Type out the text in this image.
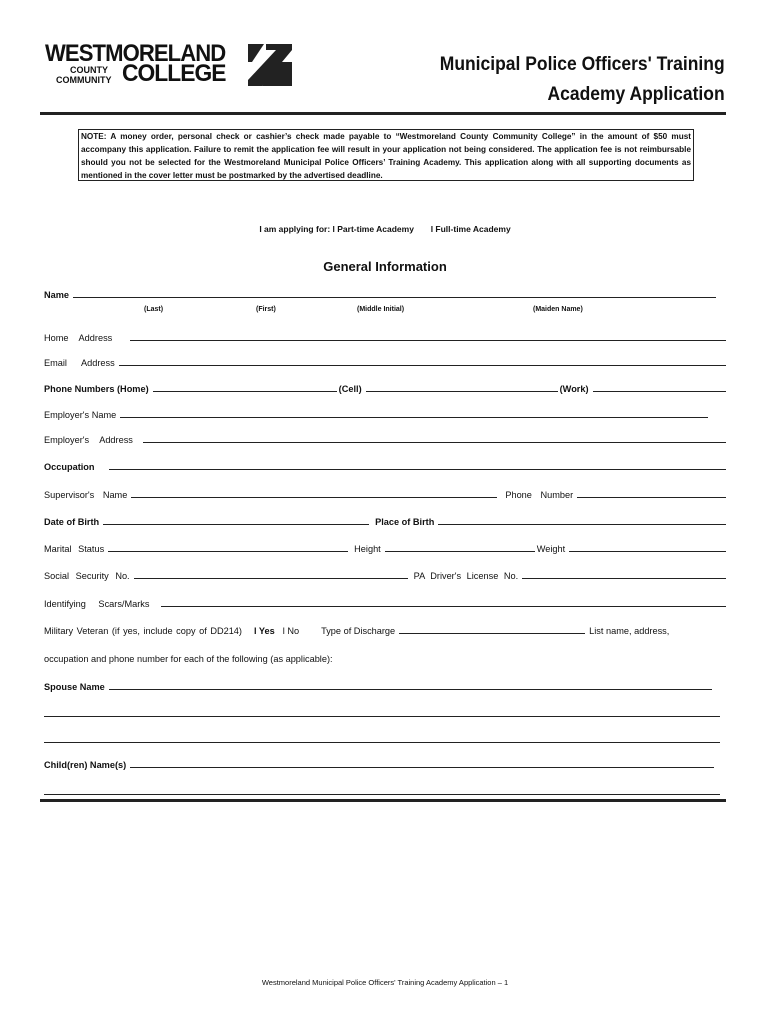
WESTMORELAND
COUNTY
COMMUNITY COLLEGE	Municipal Police Officers' Training
Academy Application
NOTE: A money order, personal check or cashier’s check made payable to “Westmoreland County Community College” in the amount of $50 must accompany this application. Failure to remit the application fee will result in your application not being considered. The application fee is not reimbursable should you not be selected for the Westmoreland Municipal Police Officers’ Training Academy. This application along with all supporting documents as mentioned in the cover letter must be postmarked by the advertised deadline.
I am applying for: l Part-time Academy l Full-time Academy
General Information
Name
(Last)	(First)	(Middle Initial)	(Maiden Name)
Home Address
Email Address
Phone Numbers (Home)	(Cell)	(Work)
Employer's Name
Employer's Address
Occupation
Supervisor's Name	Phone Number
Date of Birth	Place of Birth
Marital Status	Height	Weight
Social Security No.	PA Driver's License No.
Identifying Scars/Marks
Military Veteran (if yes, include copy of DD214) l Yes l No Type of Discharge	List name, address,
occupation and phone number for each of the following (as applicable):
Spouse Name
Child(ren) Name(s)
Westmoreland Municipal Police Officers' Training Academy Application – 1
